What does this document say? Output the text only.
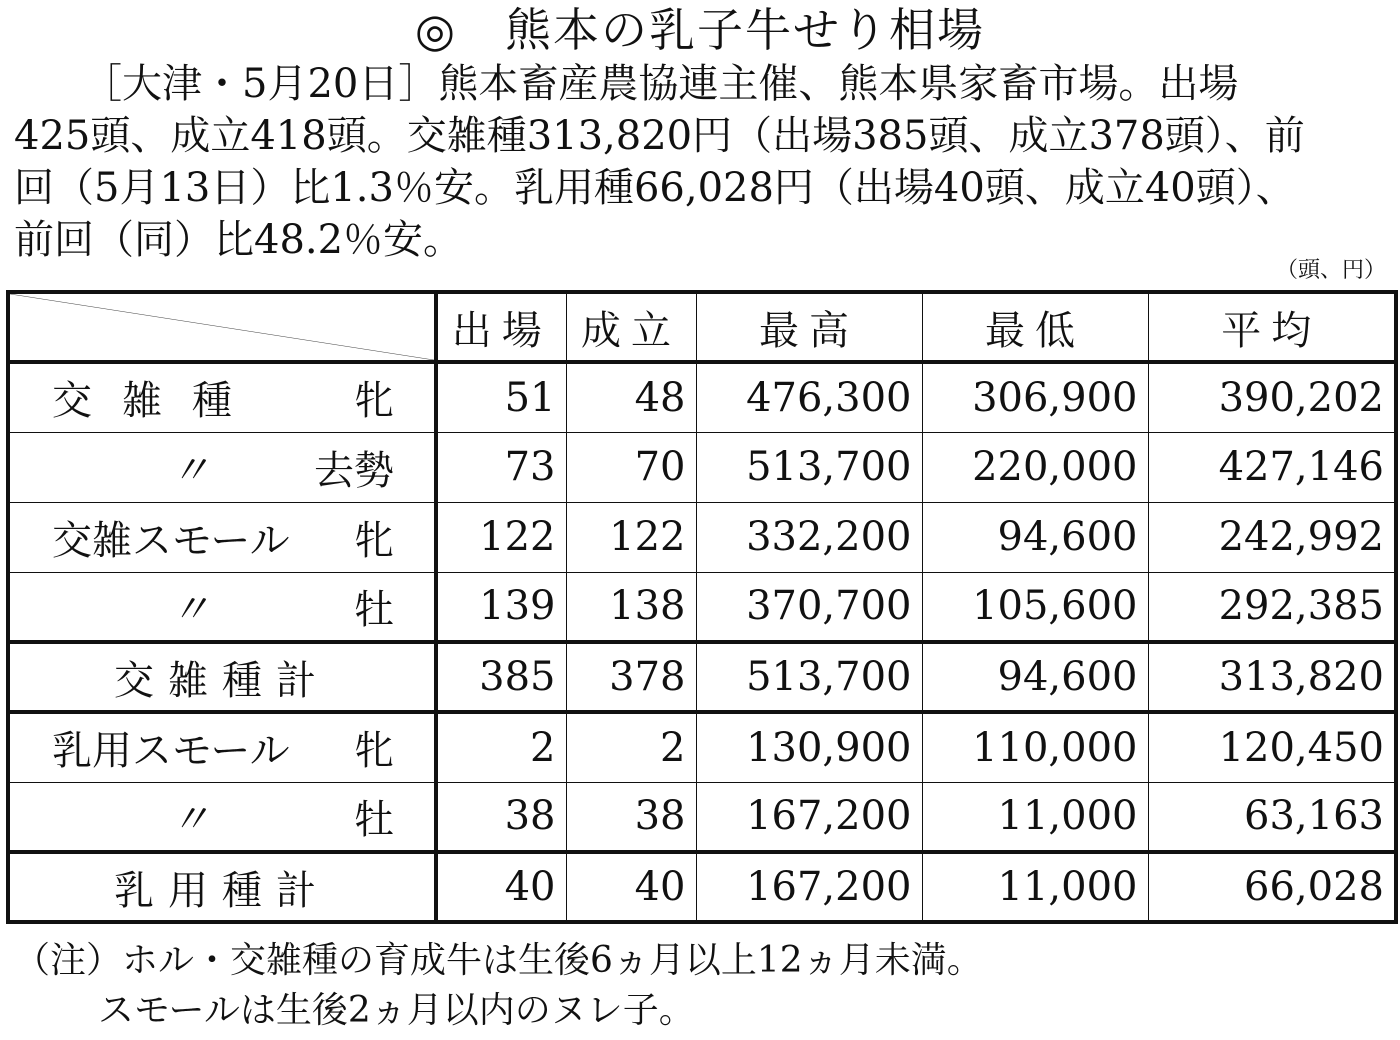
◎　熊本の乳子牛せり相場
［大津・5月20日］熊本畜産農協連主催、熊本県家畜市場。出場
425頭、成立418頭。交雑種313,820円（出場385頭、成立378頭）、前
回（5月13日）比1.3％安。乳用種66,028円（出場40頭、成立40頭）、
前回（同）比48.2％安。
（頭、円）
	出場	成立	最高	最低	平均

交雑種 牝	51	48	476,300	306,900	390,202

〃 去勢	73	70	513,700	220,000	427,146

交雑スモール 牝	122	122	332,200	94,600	242,992

〃 牡	139	138	370,700	105,600	292,385
交雑種計	385	378	513,700	94,600	313,820

乳用スモール 牝	2	2	130,900	110,000	120,450

〃 牡	38	38	167,200	11,000	63,163
乳用種計	40	40	167,200	11,000	66,028
（注）ホル・交雑種の育成牛は生後6ヵ月以上12ヵ月未満。
スモールは生後2ヵ月以内のヌレ子。
